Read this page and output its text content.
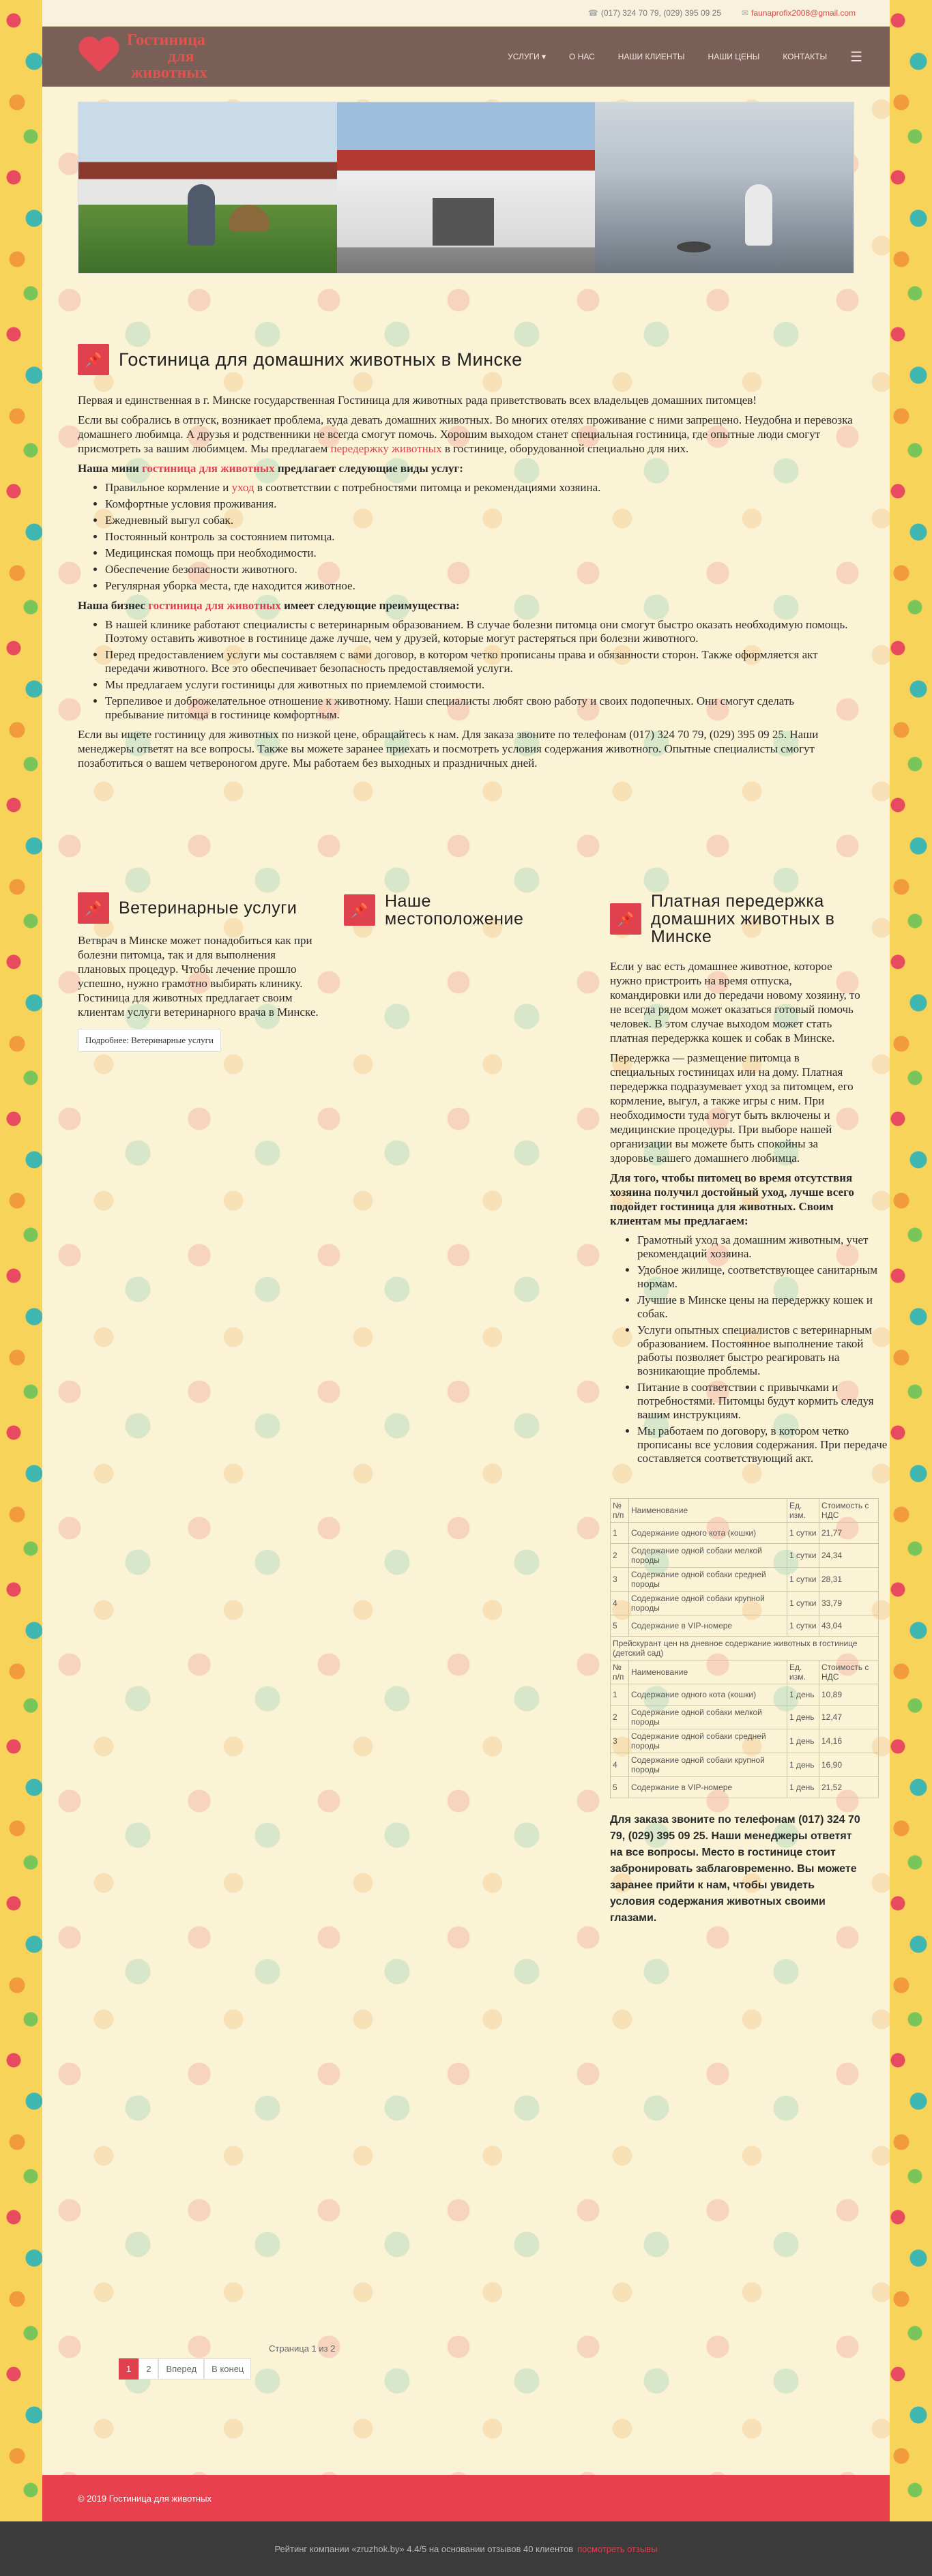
☎ (017) 324 70 79, (029) 395 09 25	✉ faunaprofix2008@gmail.com
Гостиница
для
животных
УСЛУГИ ▾	О НАС	НАШИ КЛИЕНТЫ	НАШИ ЦЕНЫ	КОНТАКТЫ ☰
📌 Гостиница для домашних животных в Минске

Первая и единственная в г. Минске государственная Гостиница для животных рада приветствовать всех владельцев домашних питомцев!

Если вы собрались в отпуск, возникает проблема, куда девать домашних животных. Во многих отелях проживание с ними запрещено. Неудобна и перевозка домашнего любимца. А друзья и родственники не всегда смогут помочь. Хорошим выходом станет специальная гостиница, где опытные люди смогут присмотреть за вашим любимцем. Мы предлагаем передержку животных в гостинице, оборудованной специально для них.

Наша мини гостиница для животных предлагает следующие виды услуг:

• Правильное кормление и уход в соответствии с потребностями питомца и рекомендациями хозяина.
• Комфортные условия проживания.
• Ежедневный выгул собак.
• Постоянный контроль за состоянием питомца.
• Медицинская помощь при необходимости.
• Обеспечение безопасности животного.
• Регулярная уборка места, где находится животное.

Наша бизнес гостиница для животных имеет следующие преимущества:

• В нашей клинике работают специалисты с ветеринарным образованием. В случае болезни питомца они смогут быстро оказать необходимую помощь. Поэтому оставить животное в гостинице даже лучше, чем у друзей, которые могут растеряться при болезни животного.
• Перед предоставлением услуги мы составляем с вами договор, в котором четко прописаны права и обязанности сторон. Также оформляется акт передачи животного. Все это обеспечивает безопасность предоставляемой услуги.
• Мы предлагаем услуги гостиницы для животных по приемлемой стоимости.
• Терпеливое и доброжелательное отношение к животному. Наши специалисты любят свою работу и своих подопечных. Они смогут сделать пребывание питомца в гостинице комфортным.

Если вы ищете гостиницу для животных по низкой цене, обращайтесь к нам. Для заказа звоните по телефонам (017) 324 70 79, (029) 395 09 25. Наши менеджеры ответят на все вопросы. Также вы можете заранее приехать и посмотреть условия содержания животного. Опытные специалисты смогут позаботиться о вашем четвероногом друге. Мы работаем без выходных и праздничных дней.

📌 Ветеринарные услуги

Ветврач в Минске может понадобиться как при болезни питомца, так и для выполнения плановых процедур. Чтобы лечение прошло успешно, нужно грамотно выбирать клинику. Гостиница для животных предлагает своим клиентам услуги ветеринарного врача в Минске.

Подробнее: Ветеринарные услуги
📌 Наше местоположение	📌
Платная передержка домашних животных в Минске

Если у вас есть домашнее животное, которое нужно пристроить на время отпуска, командировки или до передачи новому хозяину, то не всегда рядом может оказаться готовый помочь человек. В этом случае выходом может стать платная передержка кошек и собак в Минске.

Передержка — размещение питомца в специальных гостиницах или на дому. Платная передержка подразумевает уход за питомцем, его кормление, выгул, а также игры с ним. При необходимости туда могут быть включены и медицинские процедуры. При выборе нашей организации вы можете быть спокойны за здоровье вашего домашнего любимца.

Для того, чтобы питомец во время отсутствия хозяина получил достойный уход, лучше всего подойдет гостиница для животных. Своим клиентам мы предлагаем:

• Грамотный уход за домашним животным, учет рекомендаций хозяина.
• Удобное жилище, соответствующее санитарным нормам.
• Лучшие в Минске цены на передержку кошек и собак.
• Услуги опытных специалистов с ветеринарным образованием. Постоянное выполнение такой работы позволяет быстро реагировать на возникающие проблемы.
• Питание в соответствии с привычками и потребностями. Питомцы будут кормить следуя вашим инструкциям.
• Мы работаем по договору, в котором четко прописаны все условия содержания. При передаче составляется соответствующий акт.
№ п/п	Наименование	Ед. изм.	Стоимость с НДС
1	Содержание одного кота (кошки)	1 сутки	21,77
2	Содержание одной собаки мелкой породы	1 сутки	24,34
3	Содержание одной собаки средней породы	1 сутки	28,31
4	Содержание одной собаки крупной породы	1 сутки	33,79
5	Содержание в VIP-номере	1 сутки	43,04
Прейскурант цен на дневное содержание животных в гостинице (детский сад)			
№ п/п	Наименование	Ед. изм.	Стоимость с НДС
1	Содержание одного кота (кошки)	1 день	10,89
2	Содержание одной собаки мелкой породы	1 день	12,47
3	Содержание одной собаки средней породы	1 день	14,16
4	Содержание одной собаки крупной породы	1 день	16,90
5	Содержание в VIP-номере	1 день	21,52

Для заказа звоните по телефонам (017) 324 70 79, (029) 395 09 25. Наши менеджеры ответят на все вопросы. Место в гостинице стоит забронировать заблаговременно. Вы можете заранее прийти к нам, чтобы увидеть условия содержания животных своими глазами.

Страница 1 из 2
1	2	Вперед	В конец
© 2019 Гостиница для животных
Рейтинг компании «zruzhok.by» 4.4/5 на основании отзывов 40 клиентов посмотреть отзывы
